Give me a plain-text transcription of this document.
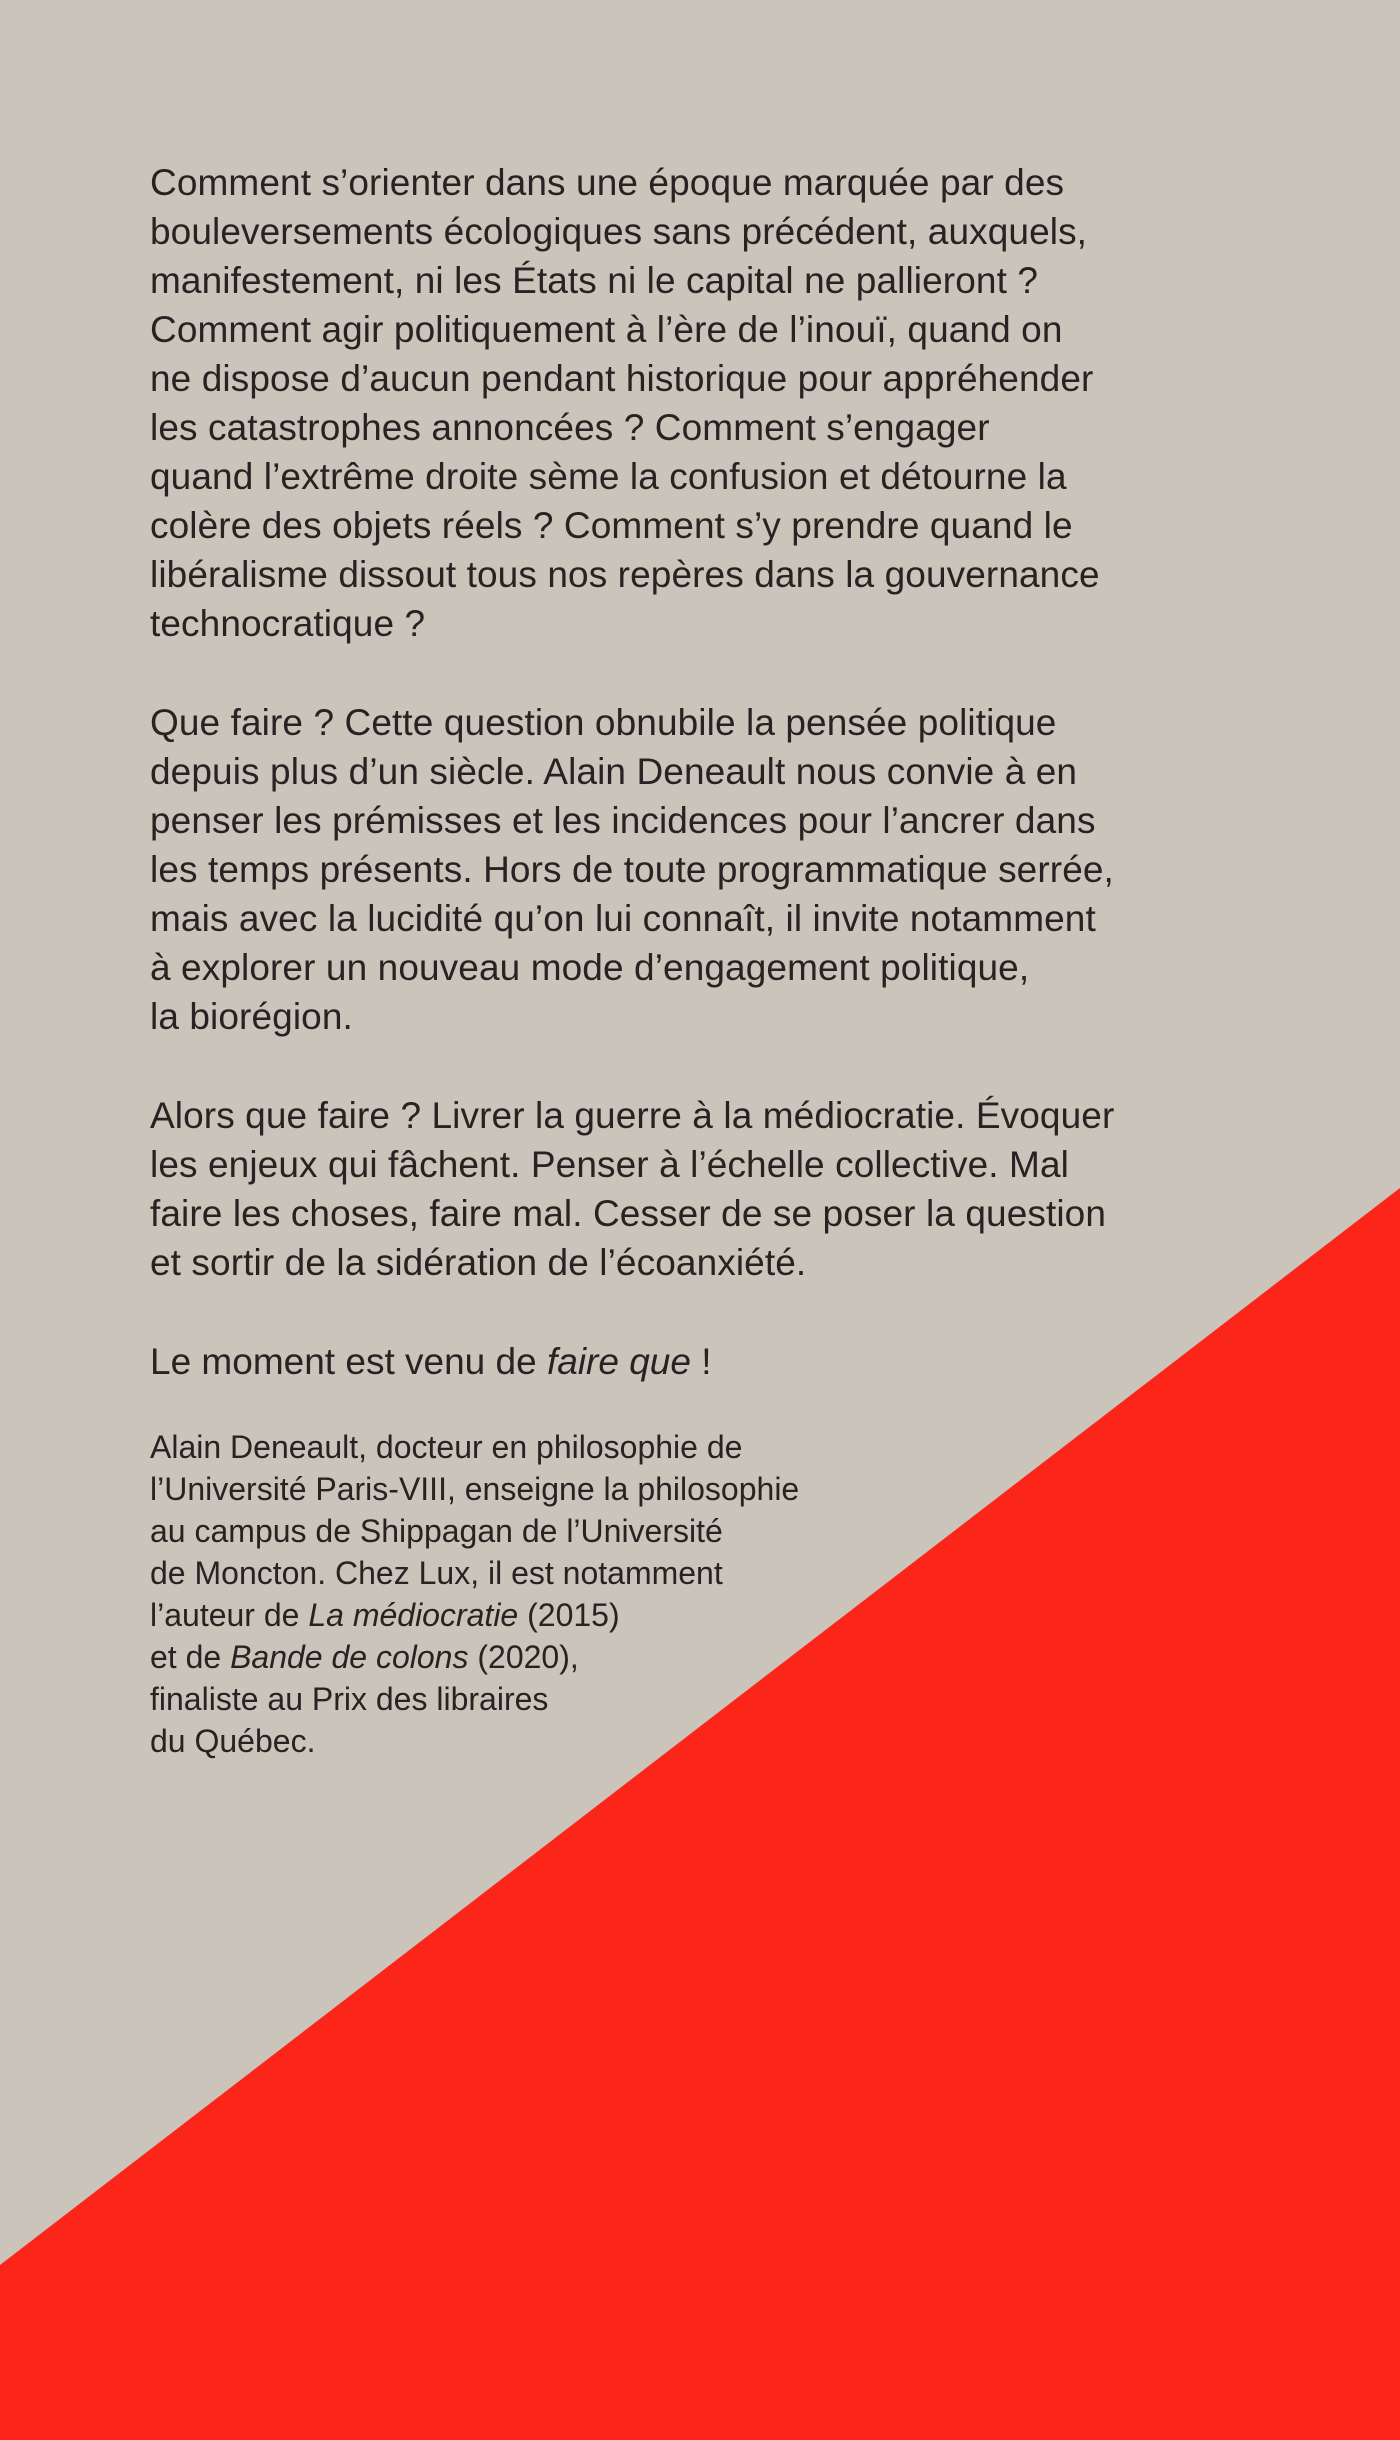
Comment s’orienter dans une époque marquée par des
bouleversements écologiques sans précédent, auxquels,
manifestement, ni les États ni le capital ne pallieront ?
Comment agir politiquement à l’ère de l’inouï, quand on
ne dispose d’aucun pendant historique pour appréhender
les catastrophes annoncées ? Comment s’engager
quand l’extrême droite sème la confusion et détourne la
colère des objets réels ? Comment s’y prendre quand le
libéralisme dissout tous nos repères dans la gouvernance
technocratique ?

Que faire ? Cette question obnubile la pensée politique
depuis plus d’un siècle. Alain Deneault nous convie à en
penser les prémisses et les incidences pour l’ancrer dans
les temps présents. Hors de toute programmatique serrée,
mais avec la lucidité qu’on lui connaît, il invite notamment
à explorer un nouveau mode d’engagement politique,
la biorégion.

Alors que faire ? Livrer la guerre à la médiocratie. Évoquer
les enjeux qui fâchent. Penser à l’échelle collective. Mal
faire les choses, faire mal. Cesser de se poser la question
et sortir de la sidération de l’écoanxiété.

Le moment est venu de faire que !

Alain Deneault, docteur en philosophie de
l’Université Paris-VIII, enseigne la philosophie
au campus de Shippagan de l’Université
de Moncton. Chez Lux, il est notamment
l’auteur de La médiocratie (2015)
et de Bande de colons (2020),
finaliste au Prix des libraires
du Québec.
